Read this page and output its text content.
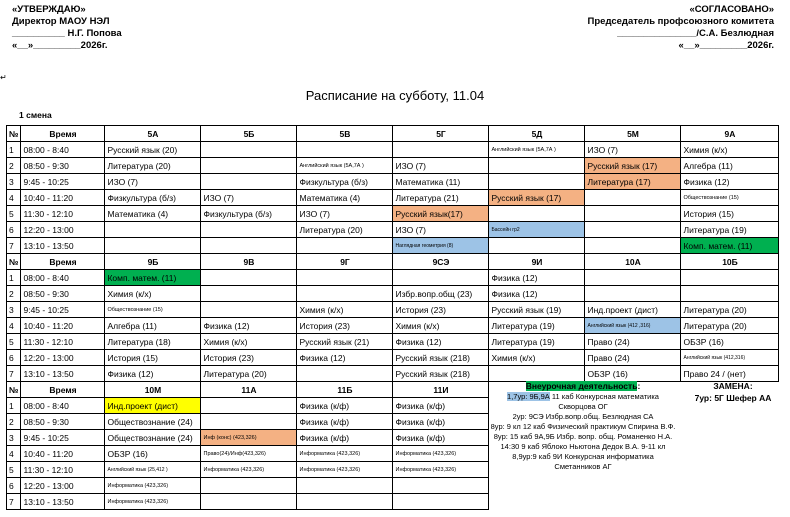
«УТВЕРЖДАЮ»
Директор МАОУ НЭЛ
__________ Н.Г. Попова
«__»_________2026г.
«СОГЛАСОВАНО»
Председатель профсоюзного комитета
_______________/С.А. Безлюдная
«__»_________2026г.
↵
Расписание на субботу, 11.04
1 смена
№	Время	5А	5Б	5В	5Г	5Д	5М	9А
1	08:00 - 8:40	Русский язык (20)				Английский язык (5А,7А )	ИЗО (7)	Химия (к/х)
2	08:50 - 9:30	Литература (20)		Английский язык (5А,7А )	ИЗО (7)		Русский язык (17)	Алгебра (11)
3	9:45 - 10:25	ИЗО (7)		Физкультура (б/з)	Математика (11)		Литература (17)	Физика (12)
4	10:40 - 11:20	Физкультура (б/з)	ИЗО (7)	Математика (4)	Литература (21)	Русский язык (17)		Обществознание (15)
5	11:30 - 12:10	Математика (4)	Физкультура (б/з)	ИЗО (7)	Русский язык(17)			История (15)
6	12:20 - 13:00			Литература (20)	ИЗО (7)	Бассейн гр2		Литература (19)
7	13:10 - 13:50				Наглядная геометрия (8)			Комп. матем. (11)
№	Время	9Б	9В	9Г	9СЭ	9И	10А	10Б
1	08:00 - 8:40	Комп. матем. (11)				Физика (12)		
2	08:50 - 9:30	Химия (к/х)			Избр.вопр.общ (23)	Физика (12)		
3	9:45 - 10:25	Обществознание (15)		Химия (к/х)	История (23)	Русский язык (19)	Инд.проект (дист)	Литература (20)
4	10:40 - 11:20	Алгебра (11)	Физика (12)	История (23)	Химия (к/х)	Литература (19)	Английский язык (412 ,316)	Литература (20)
5	11:30 - 12:10	Литература (18)	Химия (к/х)	Русский язык (21)	Физика (12)	Литература (19)	Право (24)	ОБЗР (16)
6	12:20 - 13:00	История (15)	История (23)	Физика (12)	Русский язык (218)	Химия (к/х)	Право (24)	Английский язык (412,316)
7	13:10 - 13:50	Физика (12)	Литература (20)		Русский язык (218)		ОБЗР (16)	Право 24 / (нет)
№	Время	10М	11А	11Б	11И
1	08:00 - 8:40	Инд.проект (дист)		Физика (к/ф)	Физика (к/ф)
2	08:50 - 9:30	Обществознание (24)		Физика (к/ф)	Физика (к/ф)
3	9:45 - 10:25	Обществознание (24)	Инф (конс) (423,326)	Физика (к/ф)	Физика (к/ф)
4	10:40 - 11:20	ОБЗР (16)	Право(24)/Инф(423,326)	Информатика (423,326)	Информатика (423,326)
5	11:30 - 12:10	Английский язык (25,412 )	Информатика (423,326)	Информатика (423,326)	Информатика (423,326)
6	12:20 - 13:00	Информатика (423,326)			
7	13:10 - 13:50	Информатика (423,326)			
Внеурочная деятельность:
1,7ур: 9Б,9А 11 каб Конкурсная математика Скворцова ОГ
2ур: 9СЭ Избр.вопр.общ. Безлюдная СА
8ур: 9 кл 12 каб Физический практикум Спирина В.Ф.
8ур: 15 каб 9А,9Б Избр. вопр. общ. Романенко Н.А.
14:30 9 каб Яблоко Ньютона Дедок В.А. 9-11 кл
8,9ур:9 каб 9И Конкурсная информатика Сметанников АГ
ЗАМЕНА:
7ур: 5Г Шефер АА
